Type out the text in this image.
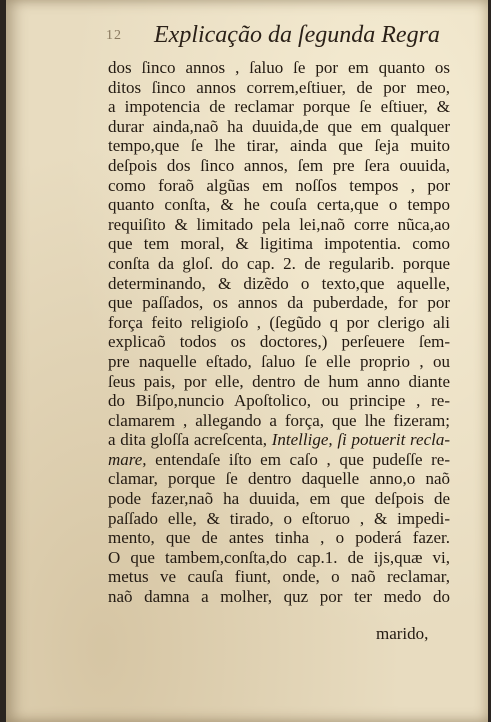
12 Explicação da ſegunda Regra
dos ſinco annos , ſaluo ſe por em quanto os
ditos ſinco annos correm,eſtiuer, de por meo,
a impotencia de reclamar porque ſe eſtiuer, &
durar ainda,naõ ha duuida,de que em qualquer
tempo,que ſe lhe tirar, ainda que ſeja muito
deſpois dos ſinco annos, ſem pre ſera ouuida,
como foraõ algũas em noſſos tempos , por
quanto conſta, & he couſa certa,que o tempo
requiſito & limitado pela lei,naõ corre nũca,ao
que tem moral, & ligitima impotentia. como
conſta da gloſ. do cap. 2. de regularib. porque
determinando, & dizẽdo o texto,que aquelle,
que paſſados, os annos da puberdade, for por
força feito religioſo , (ſegũdo q por clerigo ali
explicaõ todos os doctores,) perſeuere ſem-
pre naquelle eſtado, ſaluo ſe elle proprio , ou
ſeus pais, por elle, dentro de hum anno diante
do Biſpo,nuncio Apoſtolico, ou principe , re-
clamarem , allegando a força, que lhe fizeram;
a dita gloſſa acreſcenta, Intellige, ſi potuerit recla-
mare, entendaſe iſto em caſo , que pudeſſe re-
clamar, porque ſe dentro daquelle anno,o naõ
pode fazer,naõ ha duuida, em que deſpois de
paſſado elle, & tirado, o eſtoruo , & impedi-
mento, que de antes tinha , o poderá fazer.
O que tambem,conſta,do cap.1. de ijs,quæ vi,
metus ve cauſa fiunt, onde, o naõ reclamar,
naõ damna a molher, quz por ter medo do
marido,
